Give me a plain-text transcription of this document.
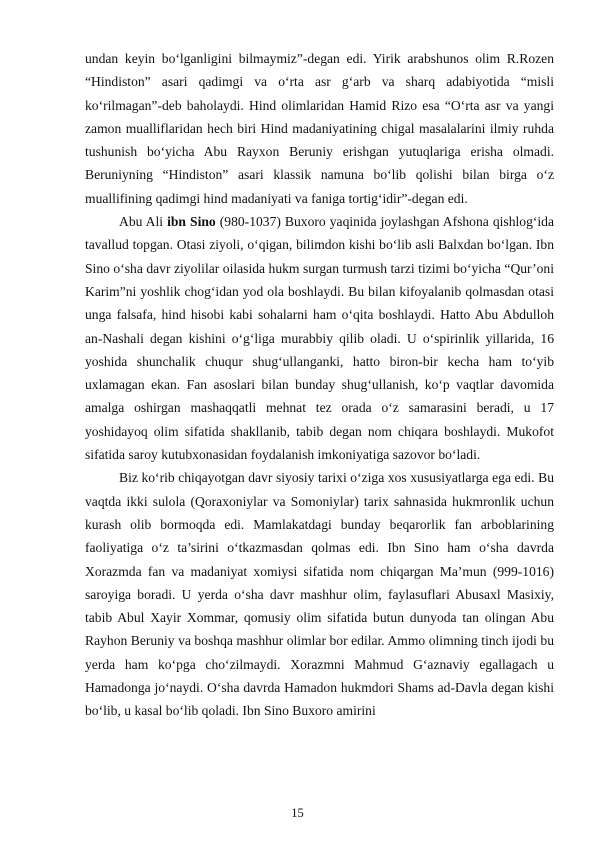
undan keyin bo‘lganligini bilmaymiz”-degan edi. Yirik arabshunos olim R.Rozen “Hindiston” asari qadimgi va o‘rta asr g‘arb va sharq adabiyotida “misli ko‘rilmagan”-deb baholaydi. Hind olimlaridan Hamid Rizo esa “O‘rta asr va yangi zamon mualliflaridan hech biri Hind madaniyatining chigal masalalarini ilmiy ruhda tushunish bo‘yicha Abu Rayxon Beruniy erishgan yutuqlariga erisha olmadi. Beruniyning “Hindiston” asari klassik namuna bo‘lib qolishi bilan birga o‘z muallifining qadimgi hind madaniyati va faniga tortig‘idir”-degan edi.

Abu Ali ibn Sino (980-1037) Buxoro yaqinida joylashgan Afshona qishlog‘ida tavallud topgan. Otasi ziyoli, o‘qigan, bilimdon kishi bo‘lib asli Balxdan bo‘lgan. Ibn Sino o‘sha davr ziyolilar oilasida hukm surgan turmush tarzi tizimi bo‘yicha “Qur’oni Karim”ni yoshlik chog‘idan yod ola boshlaydi. Bu bilan kifoyalanib qolmasdan otasi unga falsafa, hind hisobi kabi sohalarni ham o‘qita boshlaydi. Hatto Abu Abdulloh an-Nashali degan kishini o‘g‘liga murabbiy qilib oladi. U o‘spirinlik yillarida, 16 yoshida shunchalik chuqur shug‘ullanganki, hatto biron-bir kecha ham to‘yib uxlamagan ekan. Fan asoslari bilan bunday shug‘ullanish, ko‘p vaqtlar davomida amalga oshirgan mashaqqatli mehnat tez orada o‘z samarasini beradi, u 17 yoshidayoq olim sifatida shakllanib, tabib degan nom chiqara boshlaydi. Mukofot sifatida saroy kutubxonasidan foydalanish imkoniyatiga sazovor bo‘ladi.

Biz ko‘rib chiqayotgan davr siyosiy tarixi o‘ziga xos xususiyatlarga ega edi. Bu vaqtda ikki sulola (Qoraxoniylar va Somoniylar) tarix sahnasida hukmronlik uchun kurash olib bormoqda edi. Mamlakatdagi bunday beqarorlik fan arboblarining faoliyatiga o‘z ta’sirini o‘tkazmasdan qolmas edi. Ibn Sino ham o‘sha davrda Xorazmda fan va madaniyat xomiysi sifatida nom chiqargan Ma’mun (999-1016) saroyiga boradi. U yerda o‘sha davr mashhur olim, faylasuflari Abusaxl Masixiy, tabib Abul Xayir Xommar, qomusiy olim sifatida butun dunyoda tan olingan Abu Rayhon Beruniy va boshqa mashhur olimlar bor edilar. Ammo olimning tinch ijodi bu yerda ham ko‘pga cho‘zilmaydi. Xorazmni Mahmud G‘aznaviy egallagach u Hamadonga jo‘naydi. O‘sha davrda Hamadon hukmdori Shams ad-Davla degan kishi bo‘lib, u kasal bo‘lib qoladi. Ibn Sino Buxoro amirini

15
